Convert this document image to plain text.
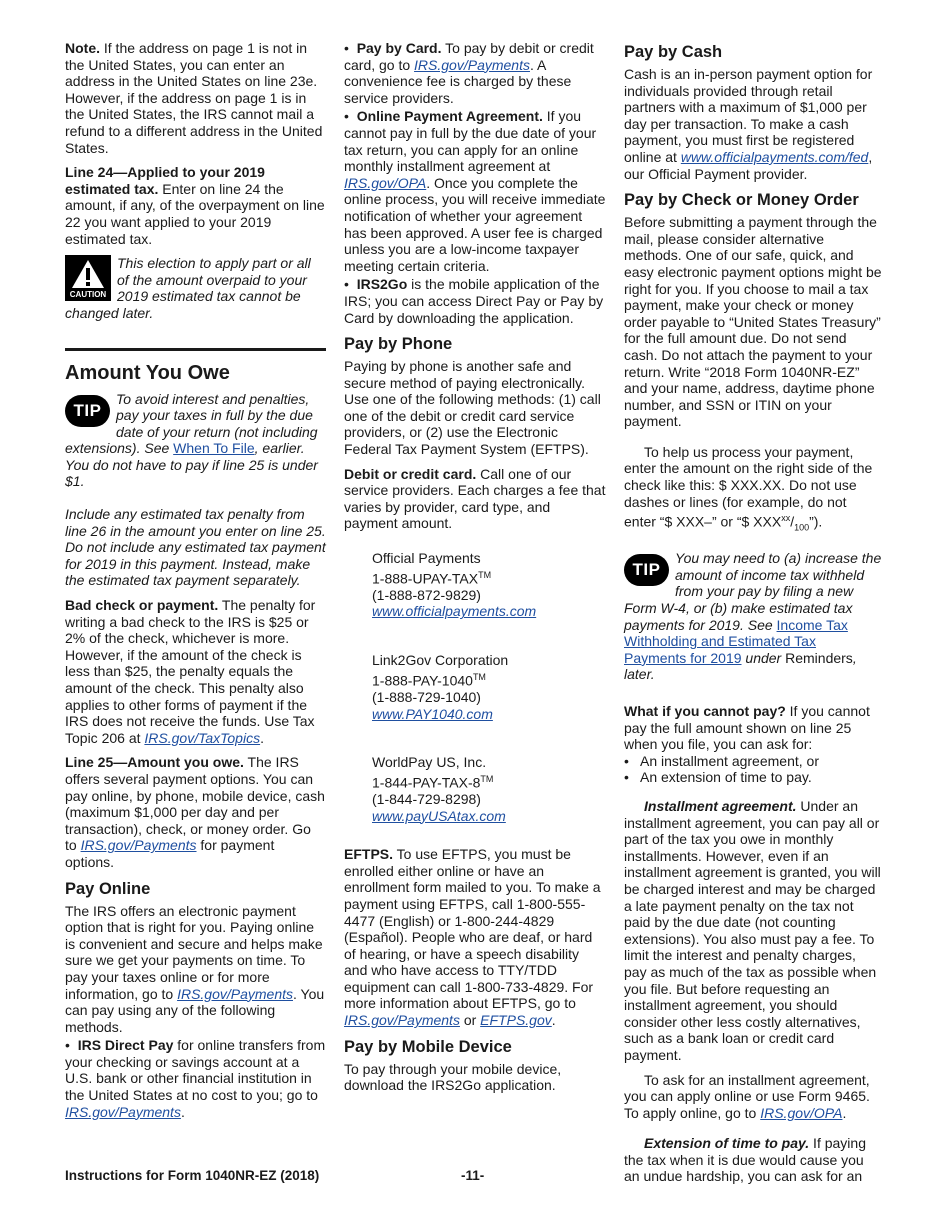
Note. If the address on page 1 is not in the United States, you can enter an address in the United States on line 23e. However, if the address on page 1 is in the United States, the IRS cannot mail a refund to a different address in the United States.

Line 24—Applied to your 2019 estimated tax. Enter on line 24 the amount, if any, of the overpayment on line 22 you want applied to your 2019 estimated tax.

CAUTION
This election to apply part or all of the amount overpaid to your 2019 estimated tax cannot be changed later.
Amount You Owe
TIP
To avoid interest and penalties, pay your taxes in full by the due date of your return (not including extensions). See When To File, earlier. You do not have to pay if line 25 is under $1.

Include any estimated tax penalty from line 26 in the amount you enter on line 25. Do not include any estimated tax payment for 2019 in this payment. Instead, make the estimated tax payment separately.

Bad check or payment. The penalty for writing a bad check to the IRS is $25 or 2% of the check, whichever is more. However, if the amount of the check is less than $25, the penalty equals the amount of the check. This penalty also applies to other forms of payment if the IRS does not receive the funds. Use Tax Topic 206 at IRS.gov/TaxTopics.

Line 25—Amount you owe. The IRS offers several payment options. You can pay online, by phone, mobile device, cash (maximum $1,000 per day and per transaction), check, or money order. Go to IRS.gov/Payments for payment options.

Pay Online

The IRS offers an electronic payment option that is right for you. Paying online is convenient and secure and helps make sure we get your payments on time. To pay your taxes online or for more information, go to IRS.gov/Payments. You can pay using any of the following methods.

•  IRS Direct Pay for online transfers from your checking or savings account at a U.S. bank or other financial institution in the United States at no cost to you; go to IRS.gov/Payments.

•  Pay by Card. To pay by debit or credit card, go to IRS.gov/Payments. A convenience fee is charged by these service providers.

•  Online Payment Agreement. If you cannot pay in full by the due date of your tax return, you can apply for an online monthly installment agreement at IRS.gov/OPA. Once you complete the online process, you will receive immediate notification of whether your agreement has been approved. A user fee is charged unless you are a low-income taxpayer meeting certain criteria.

•  IRS2Go is the mobile application of the IRS; you can access Direct Pay or Pay by Card by downloading the application.

Pay by Phone

Paying by phone is another safe and secure method of paying electronically. Use one of the following methods: (1) call one of the debit or credit card service providers, or (2) use the Electronic Federal Tax Payment System (EFTPS).

Debit or credit card. Call one of our service providers. Each charges a fee that varies by provider, card type, and payment amount.

Official Payments
1-888-UPAY-TAX™
(1-888-872-9829)
www.officialpayments.com
Link2Gov Corporation
1-888-PAY-1040™
(1-888-729-1040)
www.PAY1040.com
WorldPay US, Inc.
1-844-PAY-TAX-8™
(1-844-729-8298)
www.payUSAtax.com

EFTPS. To use EFTPS, you must be enrolled either online or have an enrollment form mailed to you. To make a payment using EFTPS, call 1-800-555-4477 (English) or 1-800-244-4829 (Español). People who are deaf, or hard of hearing, or have a speech disability and who have access to TTY/TDD equipment can call 1-800-733-4829. For more information about EFTPS, go to IRS.gov/Payments or EFTPS.gov.

Pay by Mobile Device

To pay through your mobile device, download the IRS2Go application.

Pay by Cash

Cash is an in-person payment option for individuals provided through retail partners with a maximum of $1,000 per day per transaction. To make a cash payment, you must first be registered online at www.officialpayments.com/fed, our Official Payment provider.

Pay by Check or Money Order

Before submitting a payment through the mail, please consider alternative methods. One of our safe, quick, and easy electronic payment options might be right for you. If you choose to mail a tax payment, make your check or money order payable to “United States Treasury” for the full amount due. Do not send cash. Do not attach the payment to your return. Write “2018 Form 1040NR-EZ” and your name, address, daytime phone number, and SSN or ITIN on your payment.

To help us process your payment, enter the amount on the right side of the check like this: $ XXX.XX. Do not use dashes or lines (for example, do not enter “$ XXX–” or “$ $XXX^{xx}/_{100}$”).

TIP
You may need to (a) increase the amount of income tax withheld from your pay by filing a new Form W-4, or (b) make estimated tax payments for 2019. See Income Tax Withholding and Estimated Tax Payments for 2019 under Reminders, later.

What if you cannot pay? If you cannot pay the full amount shown on line 25 when you file, you can ask for:

• An installment agreement, or
• An extension of time to pay.

Installment agreement. Under an installment agreement, you can pay all or part of the tax you owe in monthly installments. However, even if an installment agreement is granted, you will be charged interest and may be charged a late payment penalty on the tax not paid by the due date (not counting extensions). You also must pay a fee. To limit the interest and penalty charges, pay as much of the tax as possible when you file. But before requesting an installment agreement, you should consider other less costly alternatives, such as a bank loan or credit card payment.

To ask for an installment agreement, you can apply online or use Form 9465. To apply online, go to IRS.gov/OPA.

Extension of time to pay. If paying the tax when it is due would cause you an undue hardship, you can ask for an

Instructions for Form 1040NR-EZ (2018)	-11-
